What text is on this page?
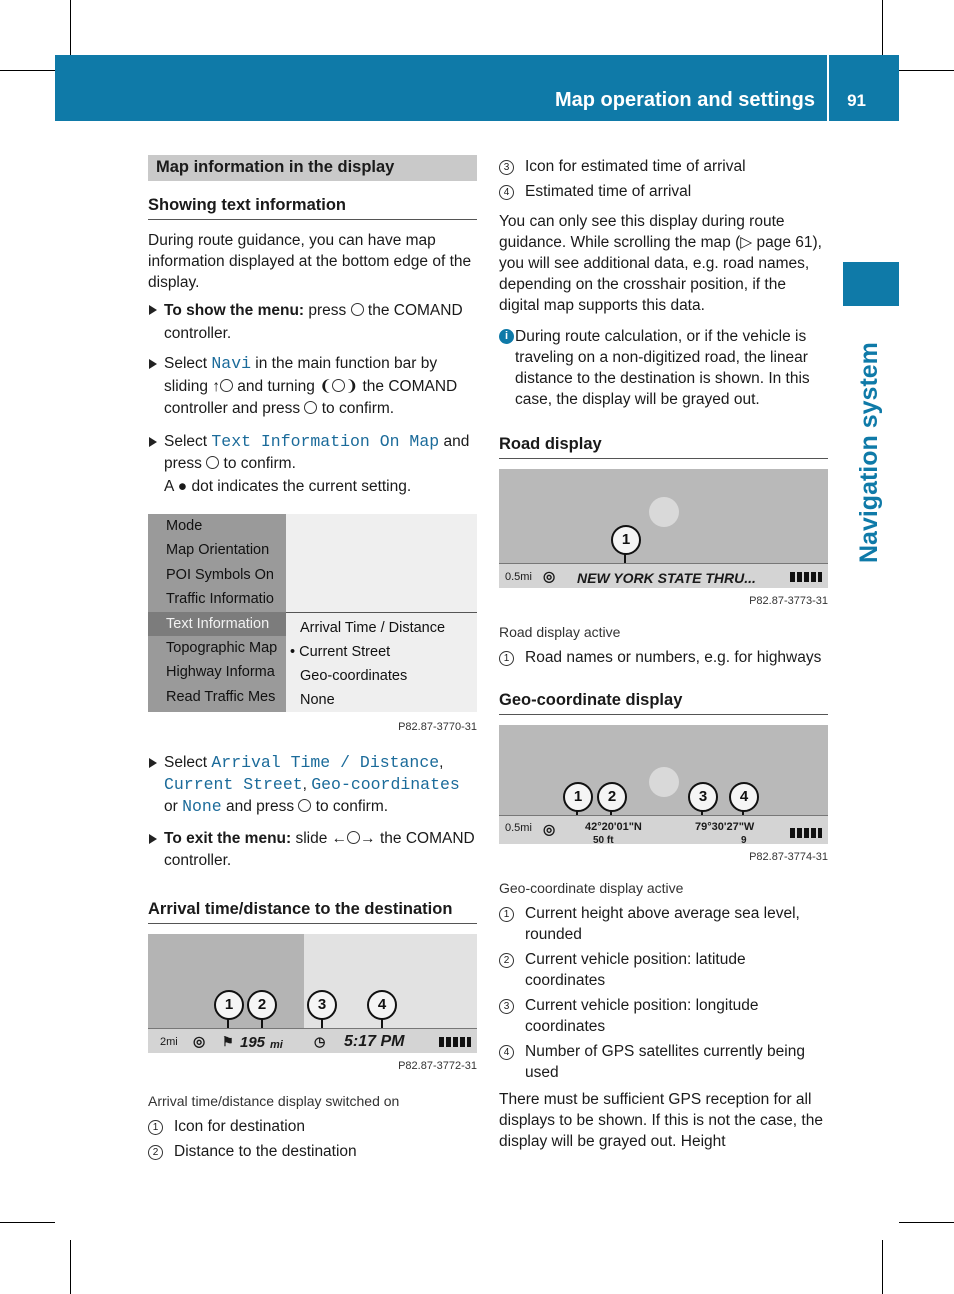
Map operation and settings 91
Navigation system
Map information in the display
Showing text information

During route guidance, you can have map information displayed at the bottom edge of the display.

To show the menu: press  the COMAND controller.

Select Navi in the main function bar by sliding ↑ and turning ❨ ❩ the COMAND controller and press  to confirm.

Select Text Information On Map and press  to confirm.
A ● dot indicates the current setting.

Mode
Map Orientation
POI Symbols On
Traffic Informatio
Text Information
Topographic Map
Highway Informa
Read Traffic Mes
Arrival Time / Distance
• Current Street
Geo-coordinates
None
P82.87-3770-31

Select Arrival Time / Distance, Current Street, Geo-coordinates or None and press  to confirm.

To exit the menu: slide ← → the COMAND controller.

Arrival time/distance to the destination
1	2	3	4
2mi ◎ ⚑ 195 mi ◷ 5:17 PM
P82.87-3772-31

Arrival time/distance display switched on

1	Icon for destination
2	Distance to the destination
3	Icon for estimated time of arrival
4	Estimated time of arrival

You can only see this display during route guidance. While scrolling the map (▷ page 61), you will see additional data, e.g. road names, depending on the crosshair position, if the digital map supports this data.

i During route calculation, or if the vehicle is traveling on a non-digitized road, the linear distance to the destination is shown. In this case, the display will be grayed out.

Road display
1
0.5mi ◎ NEW YORK STATE THRU...
P82.87-3773-31

Road display active

1	Road names or numbers, e.g. for highways
Geo-coordinate display
1	2	3	4
0.5mi ◎	42°20'01"N
50 ft
79°30'27"W
9
P82.87-3774-31

Geo-coordinate display active

1	Current height above average sea level, rounded
2	Current vehicle position: latitude coordinates
3	Current vehicle position: longitude coordinates
4	Number of GPS satellites currently being used

There must be sufficient GPS reception for all displays to be shown. If this is not the case, the display will be grayed out. Height
